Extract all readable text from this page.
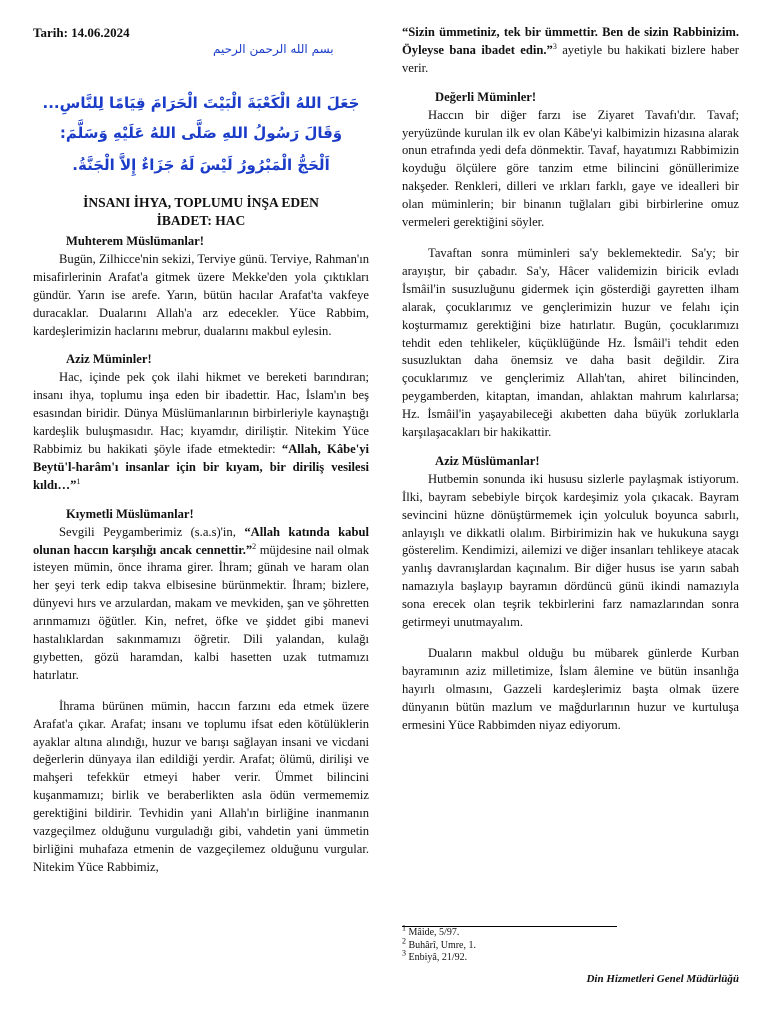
Tarih: 14.06.2024
بسم الله الرحمن الرحيم
جَعَلَ اللهُ الْكَعْبَةَ الْبَيْتَ الْحَرَامَ قِيَامًا لِلنَّاسِ...
وَقَالَ رَسُولُ اللهِ صَلَّى اللهُ عَلَيْهِ وَسَلَّمَ:
اَلْحَجُّ الْمَبْرُورُ لَيْسَ لَهُ جَزَاءٌ إِلاَّ الْجَنَّةُ.
İNSANI İHYA, TOPLUMU İNŞA EDEN
İBADET: HAC
Muhterem Müslümanlar!

Bugün, Zilhicce'nin sekizi, Terviye günü. Terviye, Rahman'ın misafirlerinin Arafat'a gitmek üzere Mekke'den yola çıktıkları gündür. Yarın ise arefe. Yarın, bütün hacılar Arafat'ta vakfeye duracaklar. Dualarını Allah'a arz edecekler. Yüce Rabbim, kardeşlerimizin haclarını mebrur, dualarını makbul eylesin.

Aziz Müminler!

Hac, içinde pek çok ilahi hikmet ve bereketi barındıran; insanı ihya, toplumu inşa eden bir ibadettir. Hac, İslam'ın beş esasından biridir. Dünya Müslümanlarının birbirleriyle kaynaştığı kardeşlik buluşmasıdır. Hac; kıyamdır, dirilіştir. Nitekim Yüce Rabbimiz bu hakikati şöyle ifade etmektedir: “Allah, Kâbe'yi Beytü'l-harâm'ı insanlar için bir kıyam, bir diriliş vesilesi kıldı…”$^1$

Kıymetli Müslümanlar!

Sevgili Peygamberimiz (s.a.s)'in, “Allah katında kabul olunan haccın karşılığı ancak cennettir.”$^2$ müjdesine nail olmak isteyen mümin, önce ihrama girer. İhram; günah ve haram olan her şeyi terk edip takva elbisesine bürünmektir. İhram; bizlere, dünyevi hırs ve arzulardan, makam ve mevkiden, şan ve şöhretten arınmamızı öğütler. Kin, nefret, öfke ve şiddet gibi manevi hastalıklardan sakınmamızı öğretir. Dili yalandan, kulağı gıybetten, gözü haramdan, kalbi hasetten uzak tutmamızı hatırlatır.

İhrama bürünen mümin, haccın farzını eda etmek üzere Arafat'a çıkar. Arafat; insanı ve toplumu ifsat eden kötülüklerin ayaklar altına alındığı, huzur ve barışı sağlayan insani ve vicdani değerlerin dünyaya ilan edildiği yerdir. Arafat; ölümü, dirilişi ve mahşeri tefekkür etmeyi haber verir. Ümmet bilincini kuşanmamızı; birlik ve beraberlikten asla ödün vermememiz gerektiğini bildirir. Tevhidin yani Allah'ın birliğine inanmanın vazgeçilmez olduğunu vurguladığı gibi, vahdetin yani ümmetin birliğini muhafaza etmenin de vazgeçilemez olduğunu vurgular. Nitekim Yüce Rabbimiz,

“Sizin ümmetiniz, tek bir ümmettir. Ben de sizin Rabbinizim. Öyleyse bana ibadet edin.”$^3$ ayetiyle bu hakikati bizlere haber verir.

Değerli Müminler!

Haccın bir diğer farzı ise Ziyaret Tavafı'dır. Tavaf; yeryüzünde kurulan ilk ev olan Kâbe'yi kalbimizin hizasına alarak onun etrafında yedi defa dönmektir. Tavaf, hayatımızı Rabbimizin koyduğu ölçülere göre tanzim etme bilincini gönüllerimize nakşeder. Renkleri, dilleri ve ırkları farklı, gaye ve idealleri bir olan müminlerin; bir binanın tuğlaları gibi birbirlerine omuz vermeleri gerektiğini söyler.

Tavaftan sonra müminleri sa'y beklemektedir. Sa'y; bir arayıştır, bir çabadır. Sa'y, Hâcer validemizin biricik evladı İsmâil'in susuzluğunu gidermek için gösterdiği gayretten ilham alarak, çocuklarımız ve gençlerimizin huzur ve felahı için koşturmamız gerektiğini bize hatırlatır. Bugün, çocuklarımızı tehdit eden tehlikeler, küçüklüğünde Hz. İsmâil'i tehdit eden susuzluktan daha önemsiz ve daha basit değildir. Zira çocuklarımız ve gençlerimiz Allah'tan, ahiret bilincinden, peygamberden, kitaptan, imandan, ahlaktan mahrum kalırlarsa; Hz. İsmâil'in yaşayabileceği akıbetten daha büyük zorluklarla karşılaşacakları bir hakikattir.

Aziz Müslümanlar!

Hutbemin sonunda iki hususu sizlerle paylaşmak istiyorum. İlki, bayram sebebiyle birçok kardeşimiz yola çıkacak. Bayram sevincini hüzne dönüştürmemek için yolculuk boyunca sabırlı, anlayışlı ve dikkatli olalım. Birbirimizin hak ve hukukuna saygı gösterelim. Kendimizi, ailemizi ve diğer insanları tehlikeye atacak yanlış davranışlardan kaçınalım. Bir diğer husus ise yarın sabah namazıyla başlayıp bayramın dördüncü günü ikindi namazıyla sona erecek olan teşrik tekbirlerini farz namazlarından sonra getirmeyi unutmayalım.

Duaların makbul olduğu bu mübarek günlerde Kurban bayramının aziz milletimize, İslam âlemine ve bütün insanlığa hayırlı olmasını, Gazzeli kardeşlerimiz başta olmak üzere dünyanın bütün mazlum ve mağdurlarının huzur ve kurtuluşa ermesini Yüce Rabbimden niyaz ediyorum.

$^1$ Mâide, 5/97.
$^2$ Buhârî, Umre, 1.
$^3$ Enbiyâ, 21/92.
Din Hizmetleri Genel Müdürlüğü
